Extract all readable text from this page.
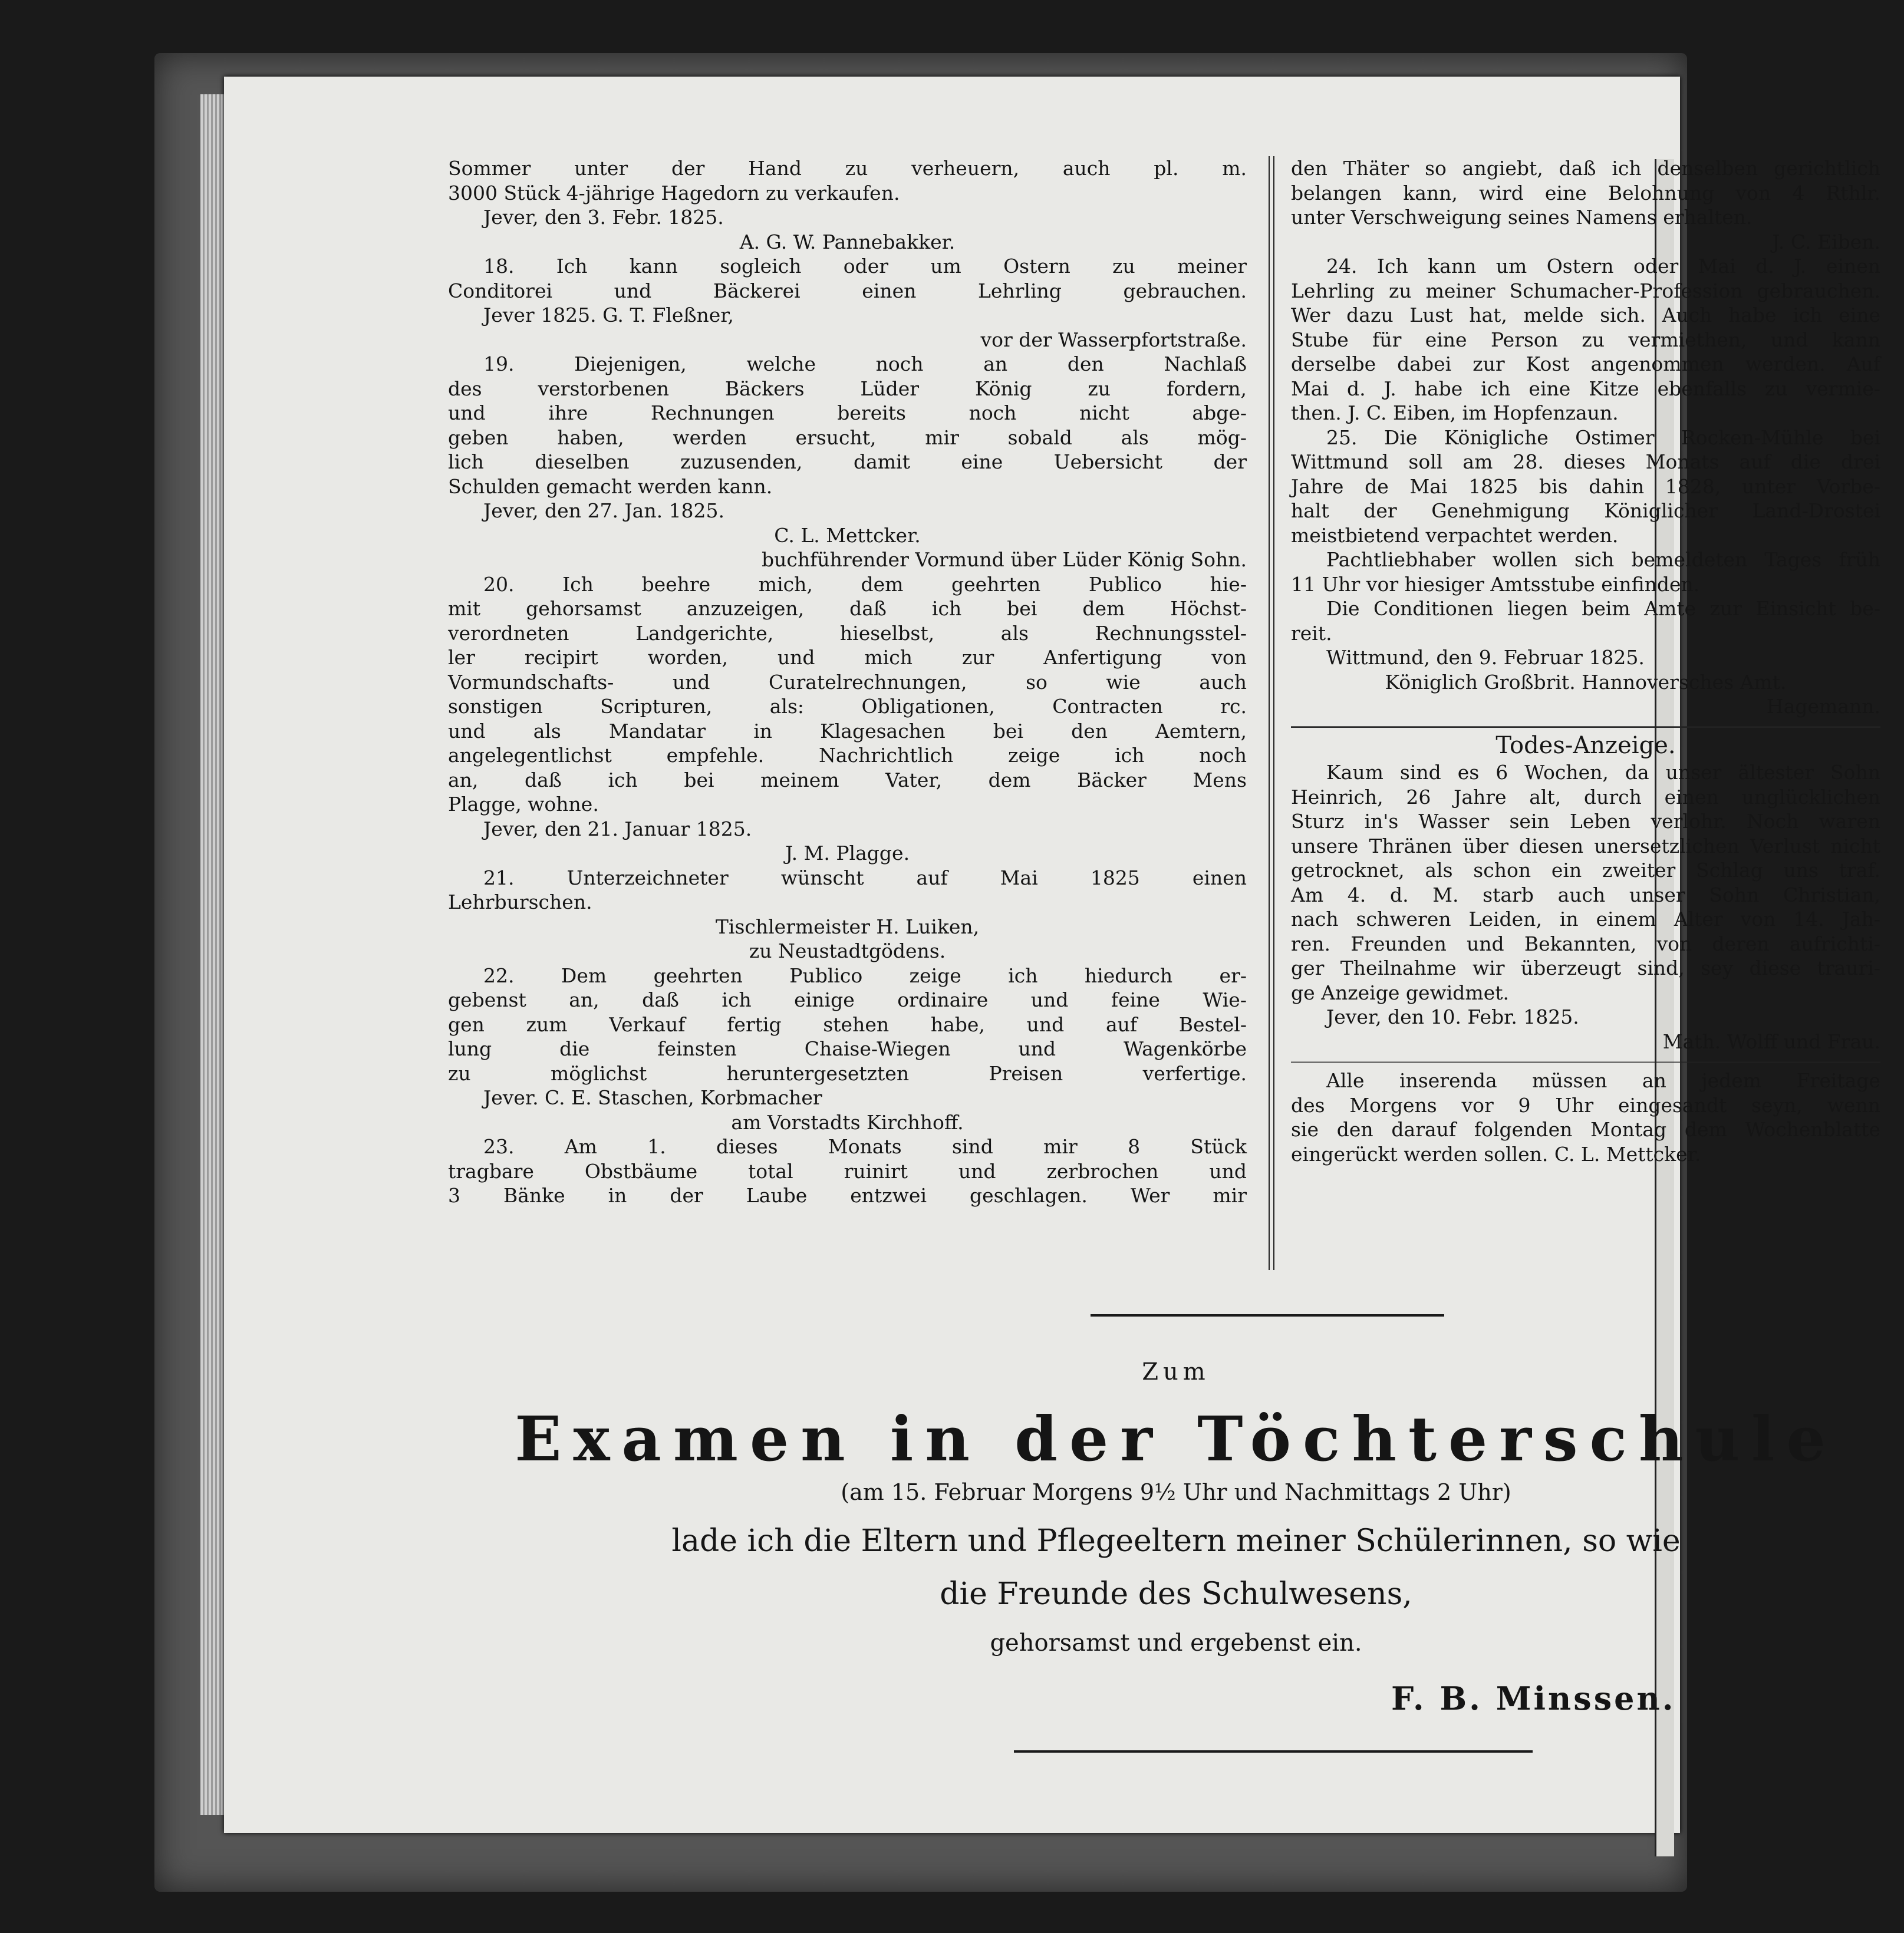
Sommer unter der Hand zu verheuern, auch pl. m.
3000 Stück 4-jährige Hagedorn zu verkaufen.
Jever, den 3. Febr. 1825.
A. G. W. Pannebakker.
18. Ich kann sogleich oder um Ostern zu meiner
Conditorei und Bäckerei einen Lehrling gebrauchen.
Jever 1825. G. T. Fleßner,
vor der Wasserpfortstraße.
19. Diejenigen, welche noch an den Nachlaß
des verstorbenen Bäckers Lüder König zu fordern,
und ihre Rechnungen bereits noch nicht abge-
geben haben, werden ersucht, mir sobald als mög-
lich dieselben zuzusenden, damit eine Uebersicht der
Schulden gemacht werden kann.
Jever, den 27. Jan. 1825.
C. L. Mettcker.
buchführender Vormund über Lüder König Sohn.
20. Ich beehre mich, dem geehrten Publico hie-
mit gehorsamst anzuzeigen, daß ich bei dem Höchst-
verordneten Landgerichte, hieselbst, als Rechnungsstel-
ler recipirt worden, und mich zur Anfertigung von
Vormundschafts- und Curatelrechnungen, so wie auch
sonstigen Scripturen, als: Obligationen, Contracten rc.
und als Mandatar in Klagesachen bei den Aemtern,
angelegentlichst empfehle. Nachrichtlich zeige ich noch
an, daß ich bei meinem Vater, dem Bäcker Mens
Plagge, wohne.
Jever, den 21. Januar 1825.
J. M. Plagge.
21. Unterzeichneter wünscht auf Mai 1825 einen
Lehrburschen.
Tischlermeister H. Luiken,
zu Neustadtgödens.
22. Dem geehrten Publico zeige ich hiedurch er-
gebenst an, daß ich einige ordinaire und feine Wie-
gen zum Verkauf fertig stehen habe, und auf Bestel-
lung die feinsten Chaise-Wiegen und Wagenkörbe
zu möglichst heruntergesetzten Preisen verfertige.
Jever. C. E. Staschen, Korbmacher
am Vorstadts Kirchhoff.
23. Am 1. dieses Monats sind mir 8 Stück
tragbare Obstbäume total ruinirt und zerbrochen und
3 Bänke in der Laube entzwei geschlagen. Wer mir
den Thäter so angiebt, daß ich denselben gerichtlich
belangen kann, wird eine Belohnung von 4 Rthlr.
unter Verschweigung seines Namens erhalten.
J. C. Eiben.
24. Ich kann um Ostern oder Mai d. J. einen
Lehrling zu meiner Schumacher-Profession gebrauchen.
Wer dazu Lust hat, melde sich. Auch habe ich eine
Stube für eine Person zu vermiethen, und kann
derselbe dabei zur Kost angenommen werden. Auf
Mai d. J. habe ich eine Kitze ebenfalls zu vermie-
then. J. C. Eiben, im Hopfenzaun.
25. Die Königliche Ostimer Rocken-Mühle bei
Wittmund soll am 28. dieses Monats auf die drei
Jahre de Mai 1825 bis dahin 1828, unter Vorbe-
halt der Genehmigung Königlicher Land-Drostei
meistbietend verpachtet werden.
Pachtliebhaber wollen sich bemeldeten Tages früh
11 Uhr vor hiesiger Amtsstube einfinden.
Die Conditionen liegen beim Amte zur Einsicht be-
reit.
Wittmund, den 9. Februar 1825.
Königlich Großbrit. Hannoversches Amt.
Hagemann.
Todes-Anzeige.
Kaum sind es 6 Wochen, da unser ältester Sohn
Heinrich, 26 Jahre alt, durch einen unglücklichen
Sturz in's Wasser sein Leben verlohr. Noch waren
unsere Thränen über diesen unersetzlichen Verlust nicht
getrocknet, als schon ein zweiter Schlag uns traf.
Am 4. d. M. starb auch unser Sohn Christian,
nach schweren Leiden, in einem Alter von 14. Jah-
ren. Freunden und Bekannten, von deren aufrichti-
ger Theilnahme wir überzeugt sind, sey diese trauri-
ge Anzeige gewidmet.
Jever, den 10. Febr. 1825.
Math. Wolff und Frau.
Alle inserenda müssen an jedem Freitage
des Morgens vor 9 Uhr eingesandt seyn, wenn
sie den darauf folgenden Montag dem Wochenblatte
eingerückt werden sollen. C. L. Mettcker.
Zum
Examen in der Töchterschule
(am 15. Februar Morgens 9½ Uhr und Nachmittags 2 Uhr)
lade ich die Eltern und Pflegeeltern meiner Schülerinnen, so wie
die Freunde des Schulwesens,
gehorsamst und ergebenst ein.
F. B. Minssen.
